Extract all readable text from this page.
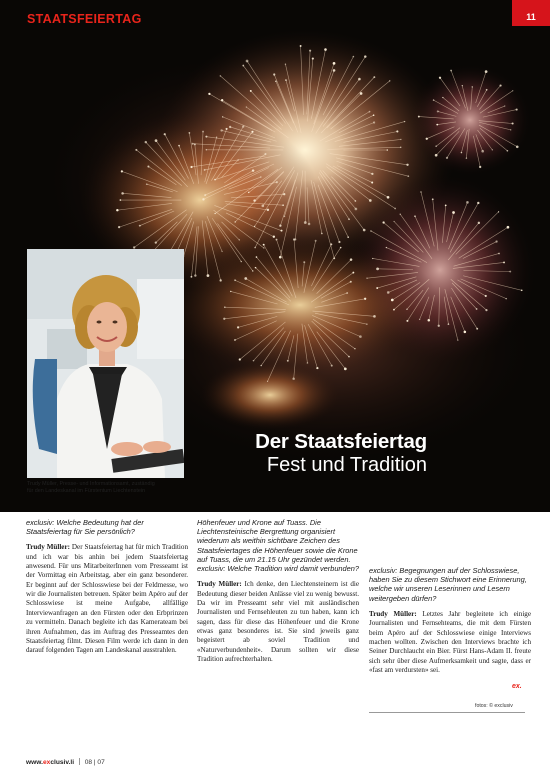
STAATSFEIERTAG	11
Der Staatsfeiertag
Fest und Tradition
Trudy Müller, Presse- und Informationsamt, zuständig
für den Landeskanal im Fürstentum Liechtenstein
exclusiv: Welche Bedeutung hat der Staatsfeiertag für Sie persönlich?

Trudy Müller: Der Staatsfeiertag hat für mich Tradition und ich war bis anhin bei jedem Staatsfeiertag anwesend. Für uns MitarbeiterInnen vom Presseamt ist der Vormittag ein Arbeitstag, aber ein ganz besonderer. Er beginnt auf der Schlosswiese bei der Feldmesse, wo wir die Journalisten betreuen. Später beim Apéro auf der Schlosswiese ist meine Aufgabe, allfällige Interviewanfragen an den Fürsten oder den Erbprinzen zu vermitteln. Danach begleite ich das Kamerateam bei ihren Aufnahmen, das im Auftrag des Presseamtes den Staatsfeiertag filmt. Diesen Film werde ich dann in den darauf folgenden Tagen am Landeskanal ausstrahlen.

Höhenfeuer und Krone auf Tuass. Die Liechtensteinische Bergrettung organisiert wiederum als weithin sichtbare Zeichen des Staatsfeiertages die Höhenfeuer sowie die Krone auf Tuass, die um 21.15 Uhr gezündet werden. exclusiv: Welche Tradition wird damit verbunden?

Trudy Müller: Ich denke, den Liechtensteinern ist die Bedeutung dieser beiden Anlässe viel zu wenig bewusst. Da wir im Presseamt sehr viel mit ausländischen Journalisten und Fernsehleuten zu tun haben, kann ich sagen, dass für diese das Höhenfeuer und die Krone etwas ganz besonderes ist. Sie sind jeweils ganz begeistert ab soviel Tradition und «Naturverbundenheit». Darum sollten wir diese Tradition aufrechterhalten.

exclusiv: Begegnungen auf der Schlosswiese, haben Sie zu diesem Stichwort eine Erinnerung, welche wir unseren Leserinnen und Lesern weitergeben dürfen?

Trudy Müller: Letztes Jahr begleitete ich einige Journalisten und Fernsehteams, die mit dem Fürsten beim Apéro auf der Schlosswiese einige Interviews machen wollten. Zwischen den Interviews brachte ich Seiner Durchlaucht ein Bier. Fürst Hans-Adam II. freute sich sehr über diese Aufmerksamkeit und sagte, dass er «fast am verdursten» sei.

ex.
fotos: © exclusiv
www.exclusiv.li 08 | 07
